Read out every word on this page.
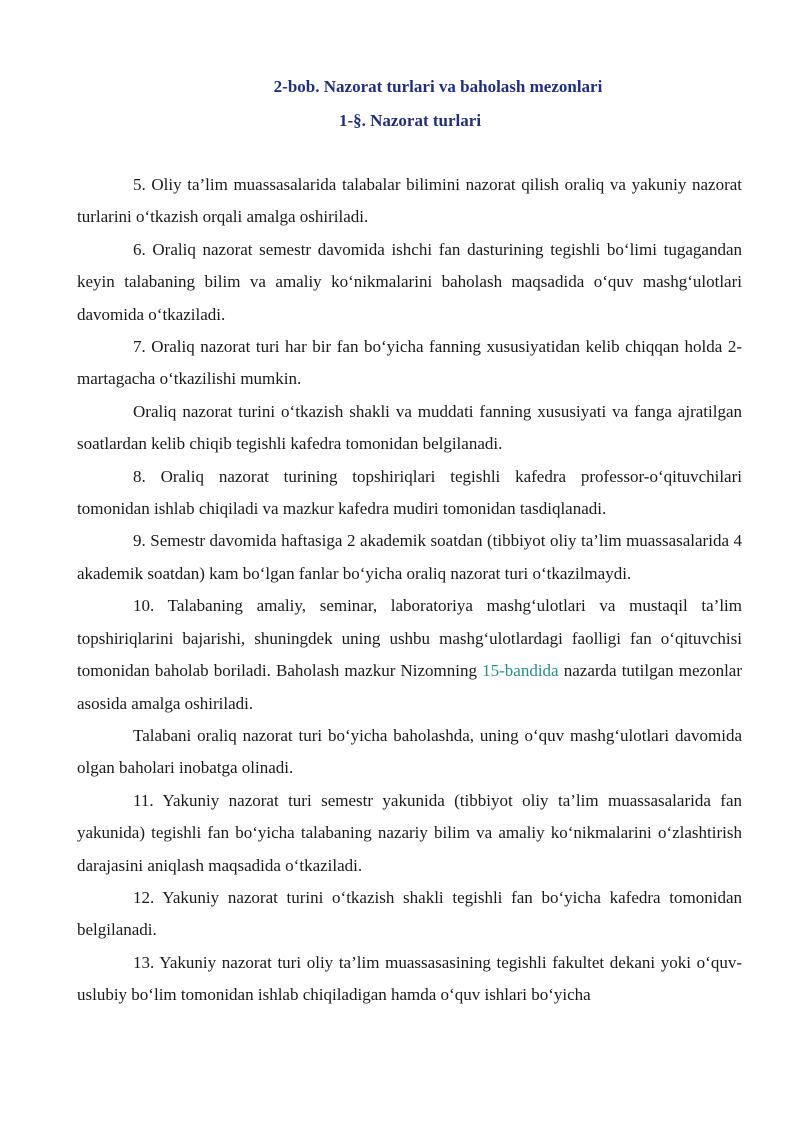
2-bob. Nazorat turlari va baholash mezonlari
1-§. Nazorat turlari

5. Oliy ta’lim muassasalarida talabalar bilimini nazorat qilish oraliq va yakuniy nazorat turlarini o‘tkazish orqali amalga oshiriladi.

6. Oraliq nazorat semestr davomida ishchi fan dasturining tegishli bo‘limi tugagandan keyin talabaning bilim va amaliy ko‘nikmalarini baholash maqsadida o‘quv mashg‘ulotlari davomida o‘tkaziladi.

7. Oraliq nazorat turi har bir fan bo‘yicha fanning xususiyatidan kelib chiqqan holda 2-martagacha o‘tkazilishi mumkin.

Oraliq nazorat turini o‘tkazish shakli va muddati fanning xususiyati va fanga ajratilgan soatlardan kelib chiqib tegishli kafedra tomonidan belgilanadi.

8. Oraliq nazorat turining topshiriqlari tegishli kafedra professor-o‘qituvchilari tomonidan ishlab chiqiladi va mazkur kafedra mudiri tomonidan tasdiqlanadi.

9. Semestr davomida haftasiga 2 akademik soatdan (tibbiyot oliy ta’lim muassasalarida 4 akademik soatdan) kam bo‘lgan fanlar bo‘yicha oraliq nazorat turi o‘tkazilmaydi.

10. Talabaning amaliy, seminar, laboratoriya mashg‘ulotlari va mustaqil ta’lim topshiriqlarini bajarishi, shuningdek uning ushbu mashg‘ulotlardagi faolligi fan o‘qituvchisi tomonidan baholab boriladi. Baholash mazkur Nizomning 15-bandida nazarda tutilgan mezonlar asosida amalga oshiriladi.

Talabani oraliq nazorat turi bo‘yicha baholashda, uning o‘quv mashg‘ulotlari davomida olgan baholari inobatga olinadi.

11. Yakuniy nazorat turi semestr yakunida (tibbiyot oliy ta’lim muassasalarida fan yakunida) tegishli fan bo‘yicha talabaning nazariy bilim va amaliy ko‘nikmalarini o‘zlashtirish darajasini aniqlash maqsadida o‘tkaziladi.

12. Yakuniy nazorat turini o‘tkazish shakli tegishli fan bo‘yicha kafedra tomonidan belgilanadi.

13. Yakuniy nazorat turi oliy ta’lim muassasasining tegishli fakultet dekani yoki o‘quv-uslubiy bo‘lim tomonidan ishlab chiqiladigan hamda o‘quv ishlari bo‘yicha
